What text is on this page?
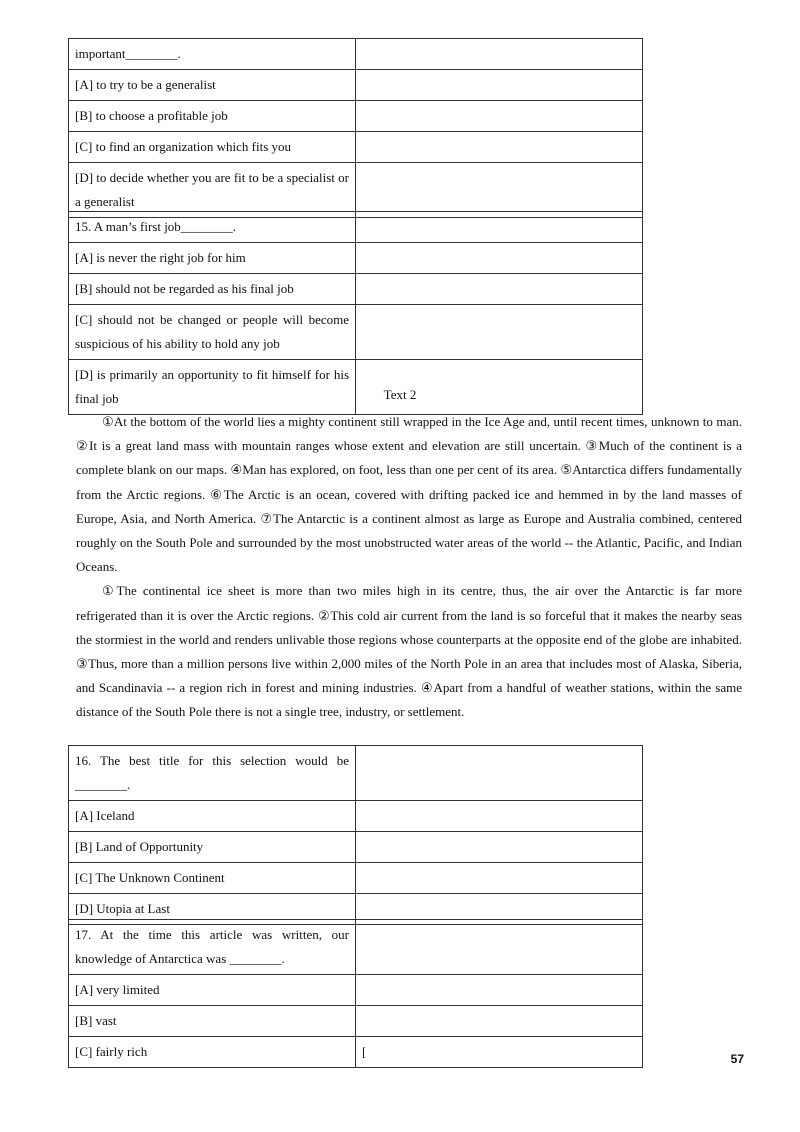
important________.	
[A] to try to be a generalist	
[B] to choose a profitable job	
[C] to find an organization which fits you	
[D] to decide whether you are fit to be a specialist or a generalist	
15. A man’s first job________.	
[A] is never the right job for him	
[B] should not be regarded as his final job	
[C] should not be changed or people will become suspicious of his ability to hold any job	
[D] is primarily an opportunity to fit himself for his final job		Text 2

①At the bottom of the world lies a mighty continent still wrapped in the Ice Age and, until recent times, unknown to man. ②It is a great land mass with mountain ranges whose extent and elevation are still uncertain. ③Much of the continent is a complete blank on our maps. ④Man has explored, on foot, less than one per cent of its area. ⑤Antarctica differs fundamentally from the Arctic regions. ⑥The Arctic is an ocean, covered with drifting packed ice and hemmed in by the land masses of Europe, Asia, and North America. ⑦The Antarctic is a continent almost as large as Europe and Australia combined, centered roughly on the South Pole and surrounded by the most unobstructed water areas of the world -- the Atlantic, Pacific, and Indian Oceans.

①The continental ice sheet is more than two miles high in its centre, thus, the air over the Antarctic is far more refrigerated than it is over the Arctic regions. ②This cold air current from the land is so forceful that it makes the nearby seas the stormiest in the world and renders unlivable those regions whose counterparts at the opposite end of the globe are inhabited. ③Thus, more than a million persons live within 2,000 miles of the North Pole in an area that includes most of Alaska, Siberia, and Scandinavia -- a region rich in forest and mining industries. ④Apart from a handful of weather stations, within the same distance of the South Pole there is not a single tree, industry, or settlement.

16. The best title for this selection would be ________.	
[A] Iceland	
[B] Land of Opportunity	
[C] The Unknown Continent	
[D] Utopia at Last	
17. At the time this article was written, our knowledge of Antarctica was ________.	
[A] very limited	
[B] vast	
[C] fairly rich	[	57
